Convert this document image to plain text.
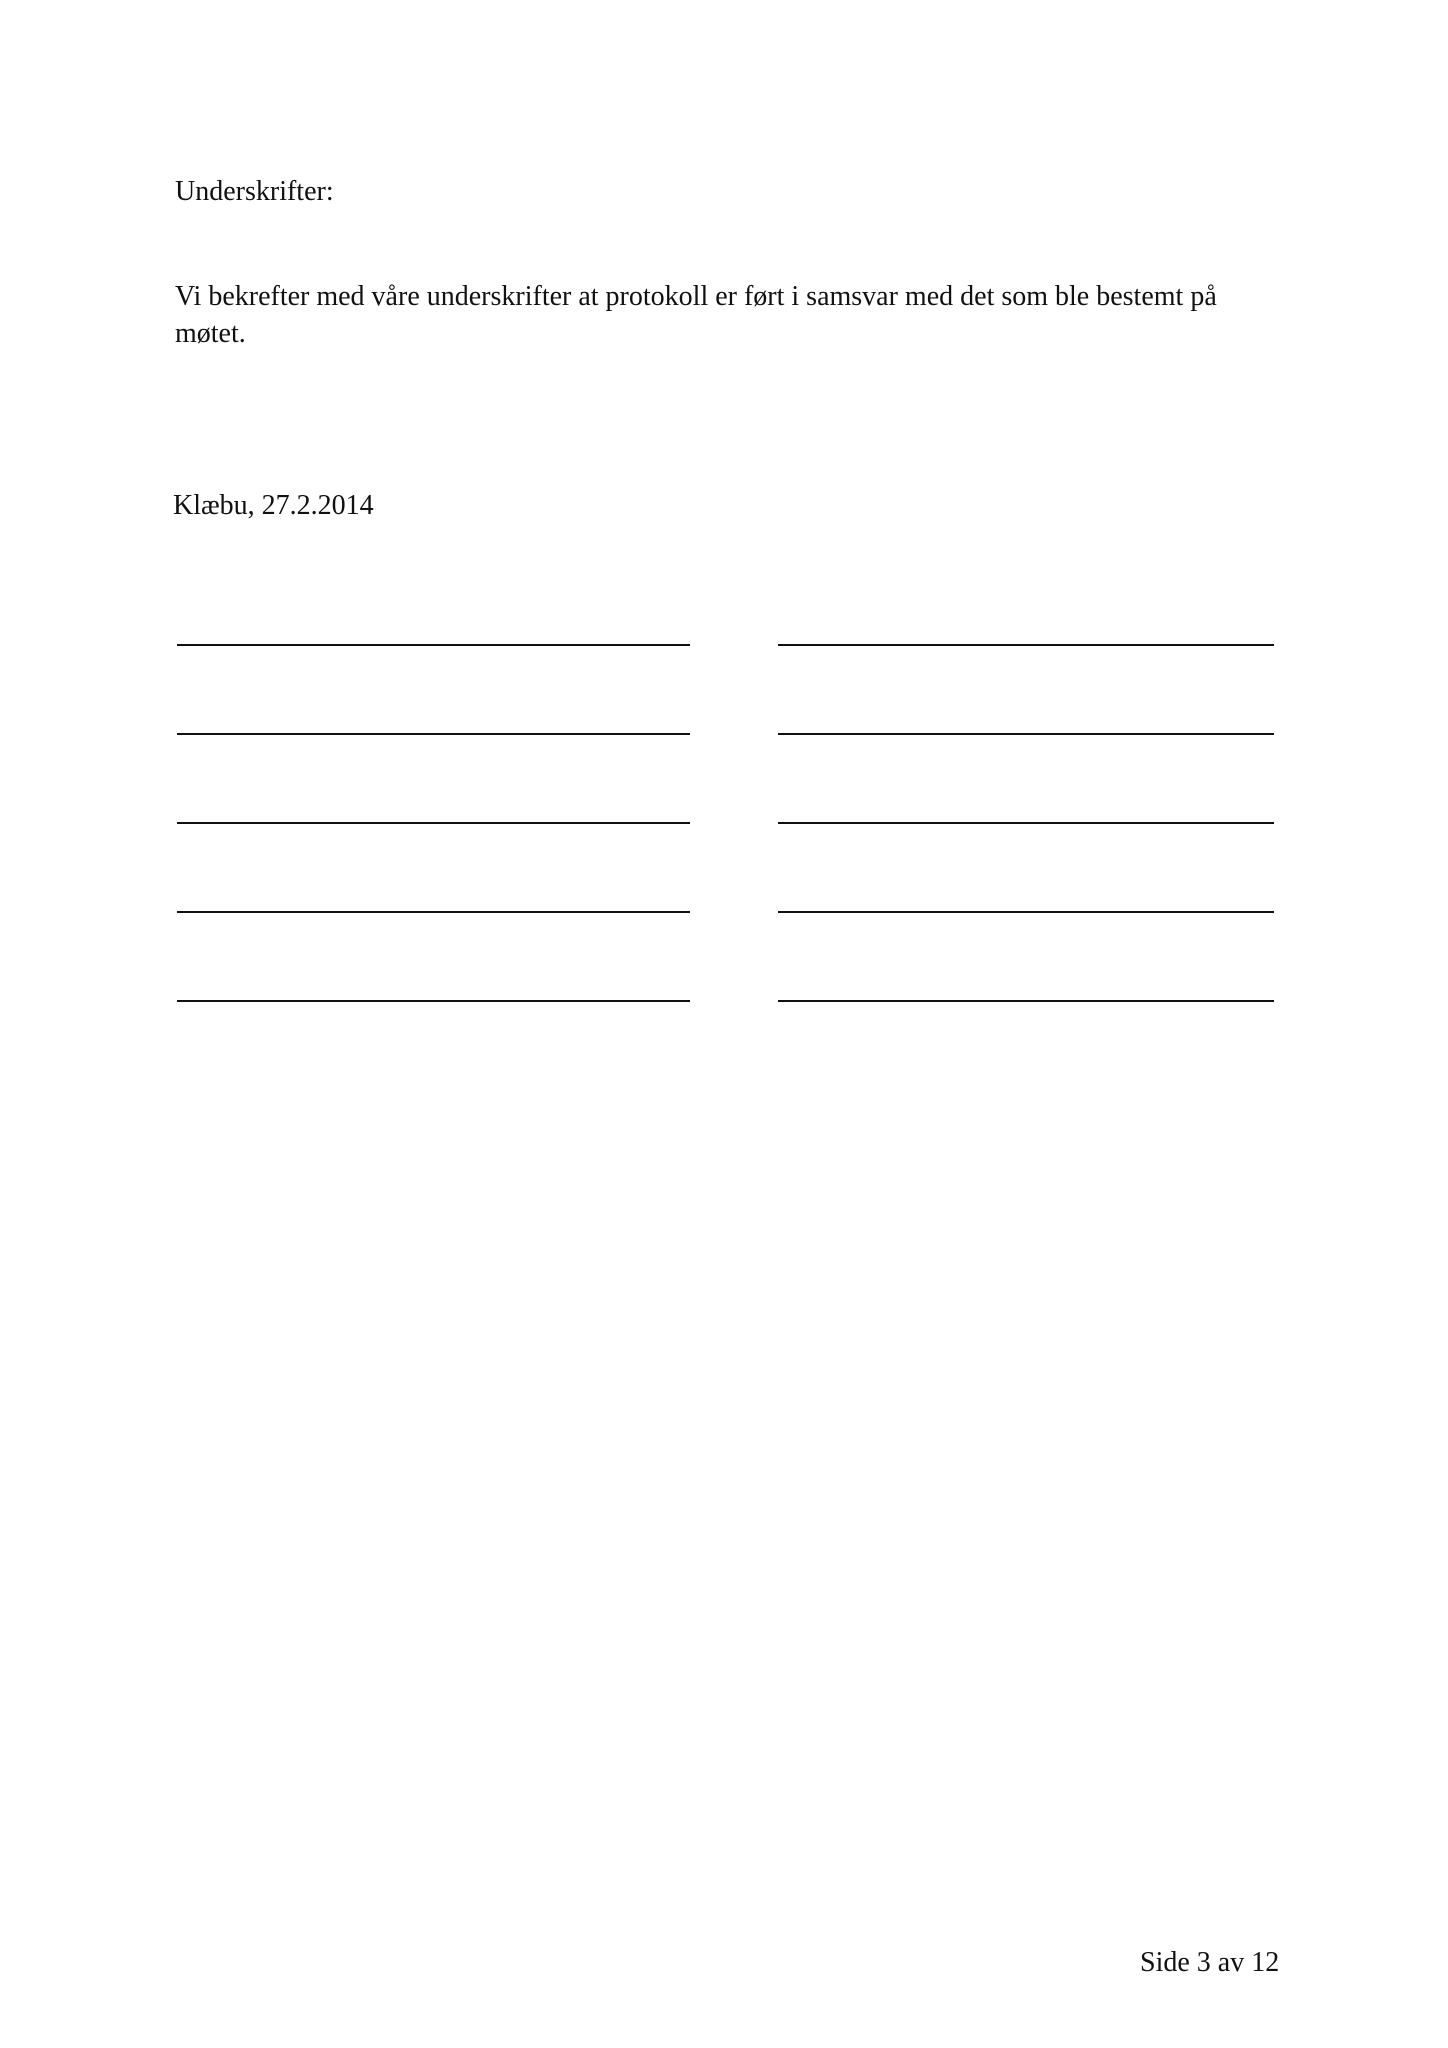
Underskrifter:
Vi bekrefter med våre underskrifter at protokoll er ført i samsvar med det som ble bestemt på møtet.
Klæbu, 27.2.2014
Side 3 av 12
